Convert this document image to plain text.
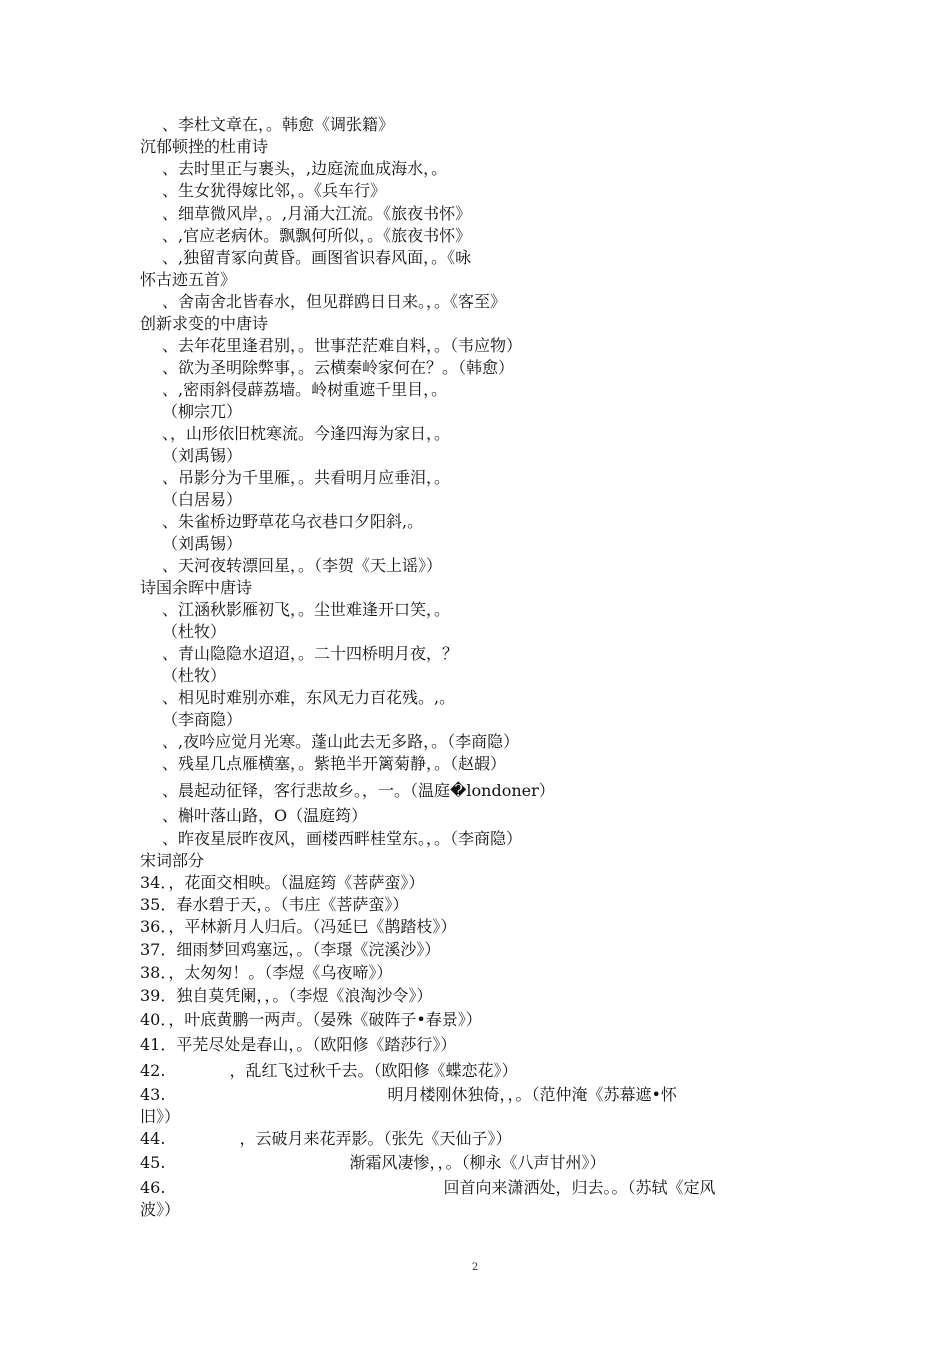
、李杜文章在，。韩愈《调张籍》
沉郁顿挫的杜甫诗
、去时里正与裹头，,边庭流血成海水，。
、生女犹得嫁比邻，。《兵车行》
、细草微风岸，。,月涌大江流。《旅夜书怀》
、,官应老病休。飘飘何所似，。《旅夜书怀》
、,独留青冢向黄昏。画图省识春风面，。《咏
怀古迹五首》
、舍南舍北皆春水，但见群鸥日日来。，。《客至》
创新求变的中唐诗
、去年花里逢君别，。世事茫茫难自料，。（韦应物）
、欲为圣明除弊事，。云横秦岭家何在？。（韩愈）
、,密雨斜侵薜荔墙。岭树重遮千里目，。
（柳宗兀）
、，山形依旧枕寒流。今逢四海为家日，。
（刘禹锡）
、吊影分为千里雁，。共看明月应垂泪，。
（白居易）
、朱雀桥边野草花乌衣巷口夕阳斜,。
（刘禹锡）
、天河夜转漂回星，。（李贺《天上谣》）
诗国余晖中唐诗
、江涵秋影雁初飞，。尘世难逢开口笑，。
（杜牧）
、青山隐隐水迢迢，。二十四桥明月夜，？
（杜牧）
、相见时难别亦难，东风无力百花残。,。
（李商隐）
、,夜吟应觉月光寒。蓬山此去无多路，。（李商隐）
、残星几点雁横塞，。紫艳半开篱菊静，。（赵嘏）
、晨起动征铎，客行悲故乡。，一。（温庭�londoner）
、槲叶落山路，O（温庭筠）
、昨夜星辰昨夜风，画楼西畔桂堂东。，。（李商隐）
宋词部分
34．，花面交相映。（温庭筠《菩萨蛮》）
35．春水碧于天，。（韦庄《菩萨蛮》）
36．，平林新月人归后。（冯延巳《鹊踏枝》）
37．细雨梦回鸡塞远，。（李璟《浣溪沙》）
38．，太匆匆！。（李煜《乌夜啼》）
39．独自莫凭阑，，。（李煜《浪淘沙令》）
40．，叶底黄鹏一两声。（晏殊《破阵子•春景》）
41．平芜尽处是春山，。（欧阳修《踏莎行》）
42.	，乱红飞过秋千去。（欧阳修《蝶恋花》）
43.	明月楼刚休独倚，，。（范仲淹《苏幕遮•怀
旧》）
44.	，云破月来花弄影。（张先《天仙子》）
45.	渐霜风凄惨，，。（柳永《八声甘州》）
46.	回首向来潇洒处，归去。。（苏轼《定风
波》）
2
